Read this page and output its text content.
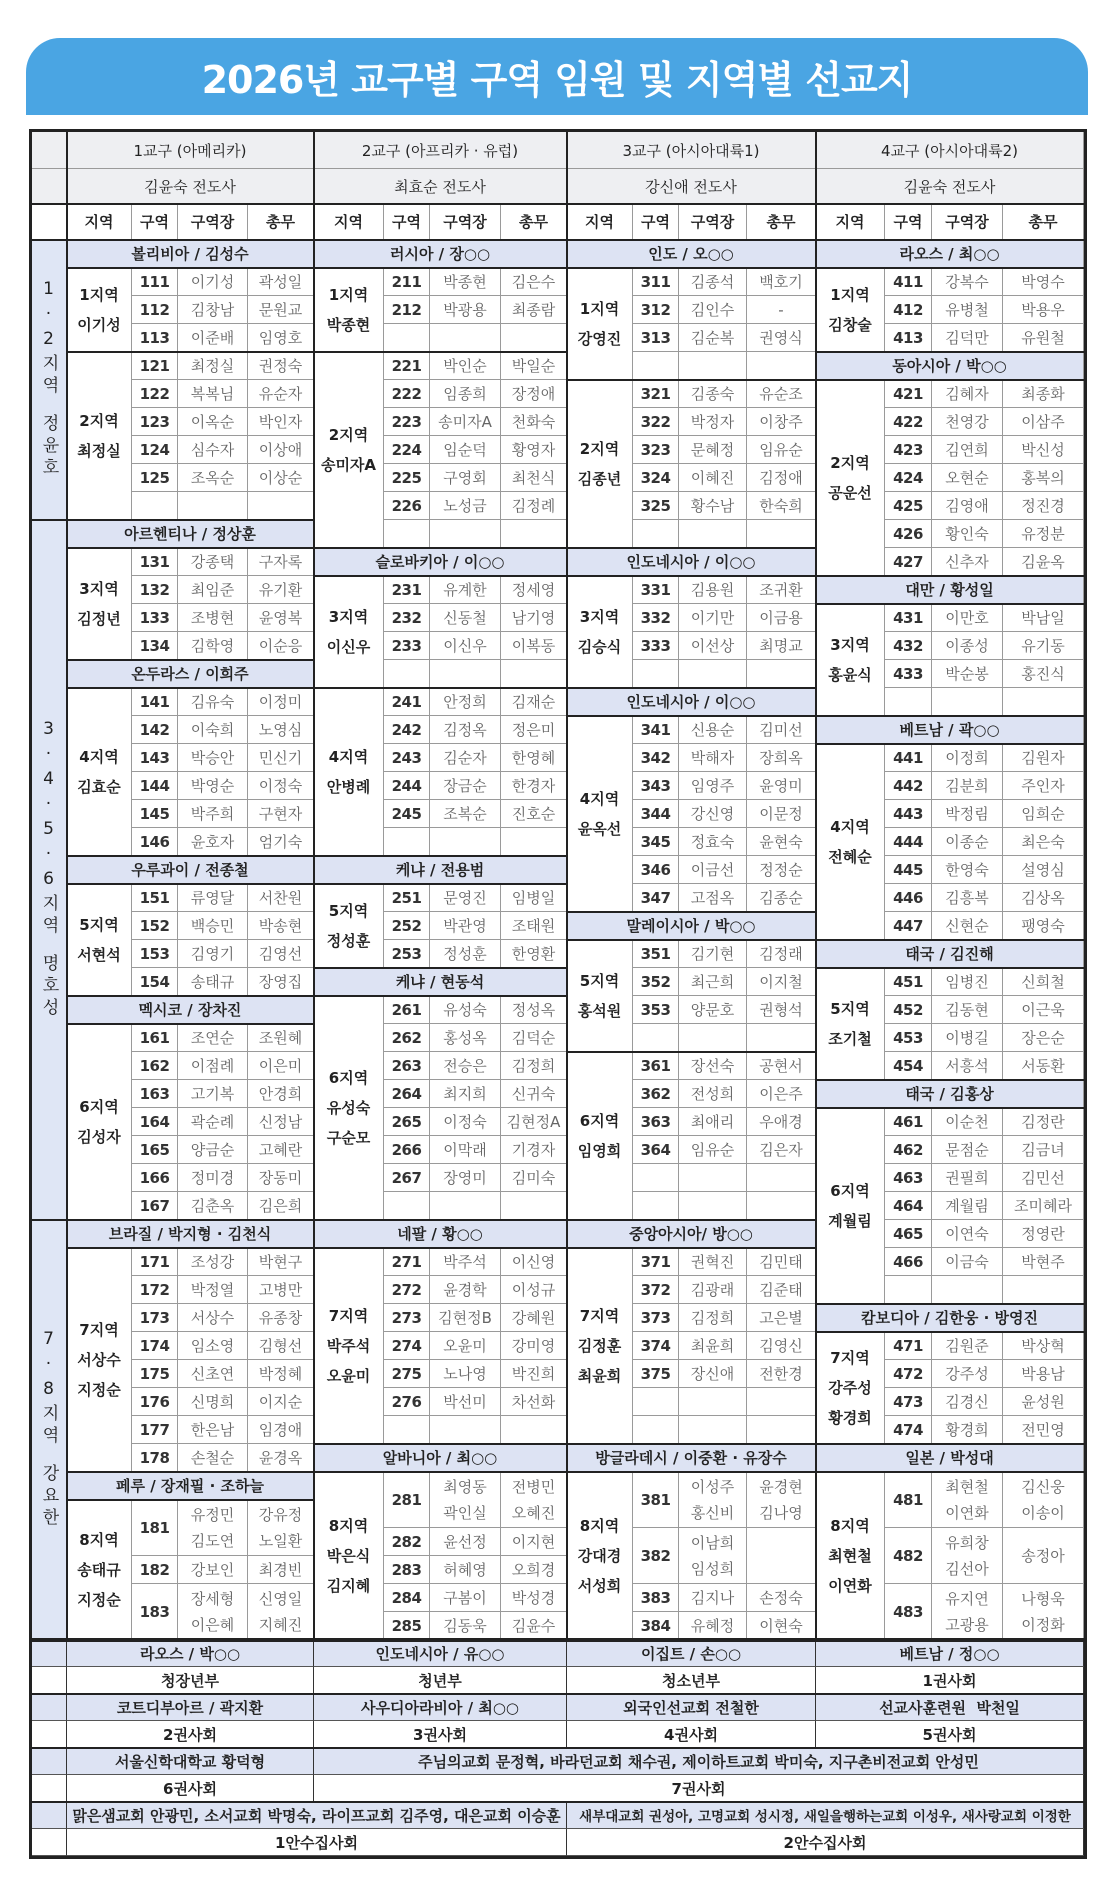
2026년 교구별 구역 임원 및 지역별 선교지
1교구 (아메리카)
김윤숙 전도사
지역 구역 구역장 총무
볼리비아 / 김성수
111 이기성 곽성일
112 김창남 문원교
113 이준배 임영호
1지역
이기성
121 최정실 권정숙
122 복복님 유순자
123 이옥순 박인자
124 심수자 이상애
125 조옥순 이상순
2지역
최정실
아르헨티나 / 정상훈
131 강종택 구자록
132 최임준 유기환
133 조병현 윤영복
134 김학영 이순응
3지역
김정년
온두라스 / 이희주
141 김유숙 이정미
142 이숙희 노영심
143 박승안 민신기
144 박영순 이정숙
145 박주희 구현자
146 윤호자 엄기숙
4지역
김효순
우루과이 / 전종철
151 류영달 서찬원
152 백승민 박송현
153 김영기 김영선
154 송태규 장영집
5지역
서현석
멕시코 / 장차진
161 조연순 조원혜
162 이점례 이은미
163 고기복 안경희
164 곽순례 신정남
165 양금순 고혜란
166 정미경 장동미
167 김춘옥 김은희
6지역
김성자
브라질 / 박지형 · 김천식
171 조성강 박현구
172 박정열 고병만
173 서상수 유종창
174 임소영 김형선
175 신초연 박정혜
176 신명희 이지순
177 한은남 임경애
178 손철순 윤경옥
7지역
서상수
지정순
페루 / 장재필 · 조하늘
181
유정민
김도연
강유정
노일환
182 강보인 최경빈
183
장세형
이은혜
신영일
지혜진
8지역
송태규
지정순
2교구 (아프리카 · 유럽)
최효순 전도사
지역 구역 구역장 총무
러시아 / 장○○
211 박종현 김은수
212 박광용 최종람
1지역
박종현
221 박인순 박일순
222 임종희 장정애
223 송미자A 천화숙
224 임순덕 황영자
225 구영회 최천식
226 노성금 김정례
2지역
송미자A
슬로바키아 / 이○○
231 유계한 정세영
232 신동철 남기영
233 이신우 이복동
3지역
이신우
241 안정희 김재순
242 김정옥 정은미
243 김순자 한영혜
244 장금순 한경자
245 조복순 진호순
4지역
안병례
케냐 / 전용범
251 문영진 임병일
252 박관영 조태원
253 정성훈 한영환
5지역
정성훈
케냐 / 현동석
261 유성숙 정성옥
262 홍성옥 김덕순
263 전승은 김정희
264 최지희 신귀숙
265 이정숙 김현정A
266 이막래 기경자
267 장영미 김미숙
6지역
유성숙
구순모
네팔 / 황○○
271 박주석 이신영
272 윤경학 이성규
273 김현정B 강혜원
274 오윤미 강미영
275 노나영 박진희
276 박선미 차선화
7지역
박주석
오윤미
알바니아 / 최○○
281
최영동
곽인실
전병민
오혜진
282 윤선정 이지현
283 허혜영 오희경
284 구봄이 박성경
285 김동욱 김윤수
8지역
박은식
김지혜
3교구 (아시아대륙1)
강신애 전도사
지역 구역 구역장 총무
인도 / 오○○
311 김종석 백호기
312 김인수	-
313 김순복 권영식
1지역
강영진
321 김종숙 유순조
322 박정자 이창주
323 문혜정 임유순
324 이혜진 김정애
325 황수남 한숙희
2지역
김종년
인도네시아 / 이○○
331 김용원 조귀환
332 이기만 이금용
333 이선상 최명교
3지역
김승식
인도네시아 / 이○○
341 신용순 김미선
342 박해자 장희옥
343 임영주 윤영미
344 강신영 이문정
345 정효숙 윤현숙
346 이금선 정정순
347 고점옥 김종순
4지역
윤옥선
말레이시아 / 박○○
351 김기현 김정래
352 최근희 이지철
353 양문호 권형석
5지역
홍석원
361 장선숙 공현서
362 전성희 이은주
363 최애리 우애경
364 임유순 김은자
6지역
임영희
중앙아시아/ 방○○
371 권혁진 김민태
372 김광래 김준태
373 김정희 고은별
374 최윤희 김영신
375 장신애 전한경
7지역
김정훈
최윤희
방글라데시 / 이중환 · 유장수
381
이성주
홍신비
윤경현
김나영
382
이남희
임성희
383 김지나 손정숙
384 유혜정 이현숙
8지역
강대경
서성희
4교구 (아시아대륙2)
김윤숙 전도사
지역 구역 구역장	총무
라오스 / 최○○
411 강복수 박영수
412 유병철 박용우
413 김덕만 유원철
1지역
김창술
동아시아 / 박○○
421 김혜자 최종화
422 천영강 이삼주
423 김연희 박신성
424 오현순 홍복의
425 김영애 정진경
426 황인숙 유정분
427 신추자 김윤옥
2지역
공운선
대만 / 황성일
431 이만호 박남일
432 이종성 유기동
433 박순봉 홍진식
3지역
홍윤식
베트남 / 곽○○
441 이정희 김원자
442 김분희 주인자
443 박정림 임희순
444 이종순 최은숙
445 한영숙 설영심
446 김흥복 김상옥
447 신현순 팽영숙
4지역
전혜순
태국 / 김진해
451 임병진 신희철
452 김동현 이근욱
453 이병길 장은순
454 서흥석 서동환
5지역
조기철
태국 / 김홍상
461 이순천 김정란
462 문점순 김금녀
463 권필희 김민선
464 계월림 조미혜라
465 이연숙 정영란
466 이금숙 박현주
6지역
계월림
캄보디아 / 김한웅 · 방영진
471 김원준 박상혁
472 강주성 박용남
473 김경신 윤성원
474 황경희 전민영
7지역
강주성
황경희
일본 / 박성대
481
최현철
이연화
김신웅
이송이
482
유희창
김선아
송정아
483
유지연
고광용
나형욱
이정화
8지역
최현철
이연화
1·2지역
정윤호
3·4·5·6지역
명호성
7·8지역
강요한
라오스 / 박○○
청장년부
인도네시아 / 유○○
청년부
이집트 / 손○○
청소년부
베트남 / 정○○
1권사회
코트디부아르 / 곽지환
2권사회
사우디아라비아 / 최○○
3권사회
외국인선교회 전철한
4권사회
선교사훈련원  박천일
5권사회
서울신학대학교 황덕형
6권사회
주님의교회 문정혁, 바라던교회 채수권, 제이하트교회 박미숙, 지구촌비전교회 안성민
7권사회
맑은샘교회 안광민, 소서교회 박명숙, 라이프교회 김주영, 대은교회 이승훈
1안수집사회
새부대교회 권성아, 고명교회 성시정, 새일을행하는교회 이성우, 새사랑교회 이정한
2안수집사회
